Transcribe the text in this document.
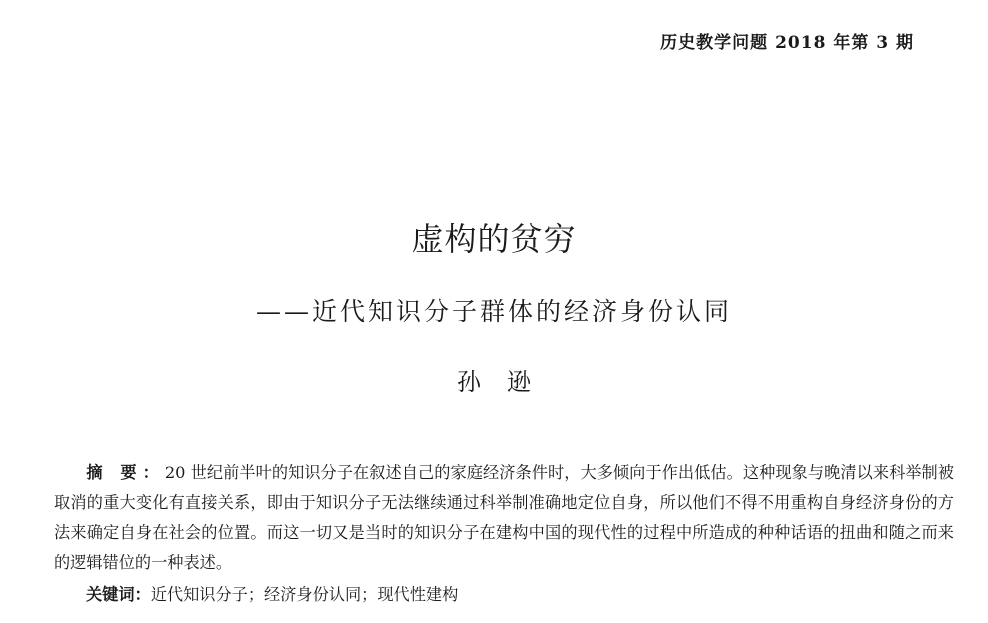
历史教学问题 2018 年第 3 期
虚构的贫穷
——近代知识分子群体的经济身份认同
孙逊
摘 要：20 世纪前半叶的知识分子在叙述自己的家庭经济条件时，大多倾向于作出低估。这种现象与晚清以来科举制被取消的重大变化有直接关系，即由于知识分子无法继续通过科举制准确地定位自身，所以他们不得不用重构自身经济身份的方法来确定自身在社会的位置。而这一切又是当时的知识分子在建构中国的现代性的过程中所造成的种种话语的扭曲和随之而来的逻辑错位的一种表述。
关键词：近代知识分子；经济身份认同；现代性建构
